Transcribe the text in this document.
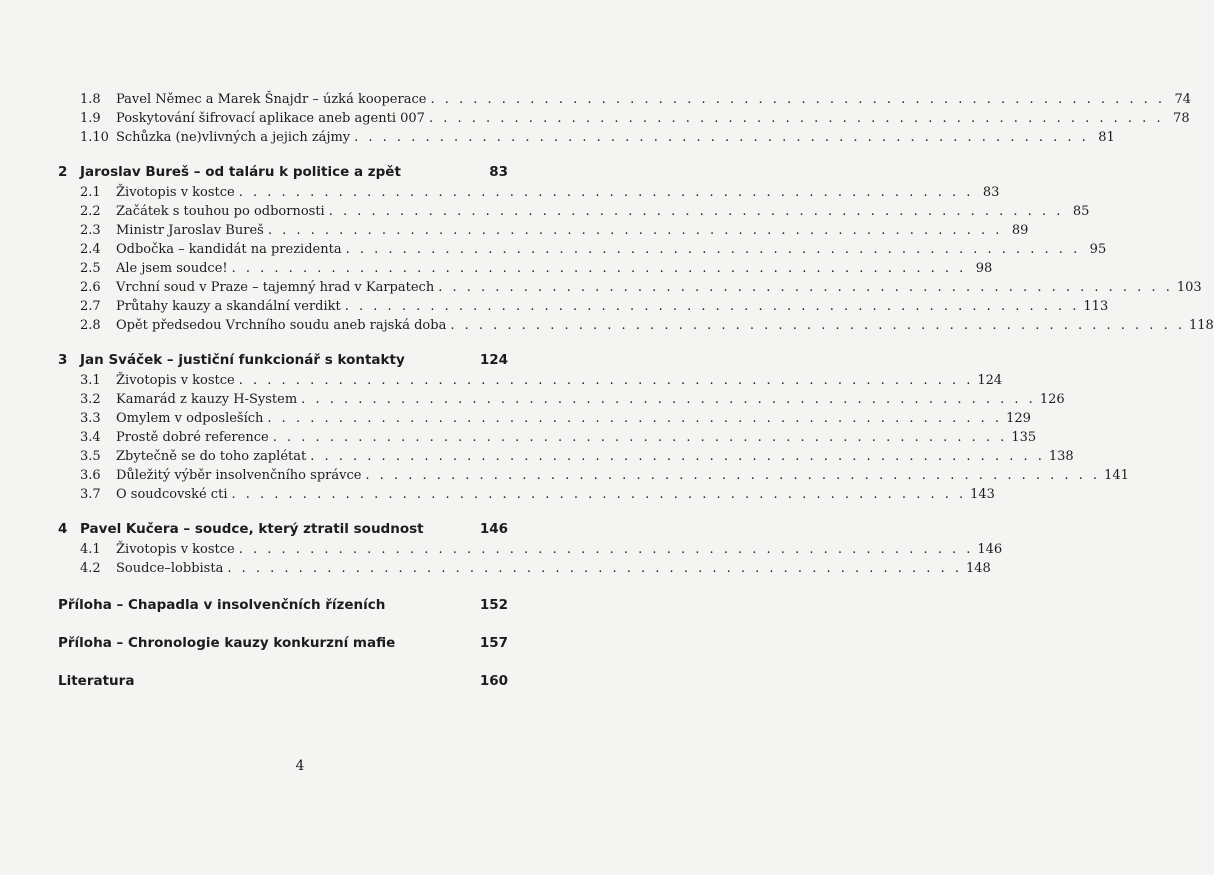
1.8	Pavel Němec a Marek Šnajdr – úzká kooperace . . .	74
1.9	Poskytování šifrovací aplikace aneb agenti 007 . . .	78
1.10 Schůzka (ne)vlivných a jejich zájmy . . .	81
2 Jaroslav Bureš – od taláru k politice a zpět	83
2.1	Životopis v kostce . . .	83
2.2	Začátek s touhou po odbornosti . . .	85
2.3	Ministr Jaroslav Bureš . . .	89
2.4	Odbočka – kandidát na prezidenta . . .	95
2.5	Ale jsem soudce! . . .	98
2.6	Vrchní soud v Praze – tajemný hrad v Karpatech . . .	103
2.7	Průtahy kauzy a skandální verdikt . . .	113
2.8	Opět předsedou Vrchního soudu aneb rajská doba . . .	118
3 Jan Sváček – justiční funkcionář s kontakty	124
3.1	Životopis v kostce . . .	124
3.2	Kamarád z kauzy H-System . . .	126
3.3	Omylem v odposleších . . .	129
3.4	Prostě dobré reference . . .	135
3.5	Zbytečně se do toho zaplétat . . .	138
3.6	Důležitý výběr insolvenčního správce . . .	141
3.7	O soudcovské cti . . .	143
4 Pavel Kučera – soudce, který ztratil soudnost	146
4.1	Životopis v kostce . . .	146
4.2	Soudce–lobbista . . .	148
Příloha – Chapadla v insolvenčních řízeních	152
Příloha – Chronologie kauzy konkurzní mafie	157
Literatura	160
4
